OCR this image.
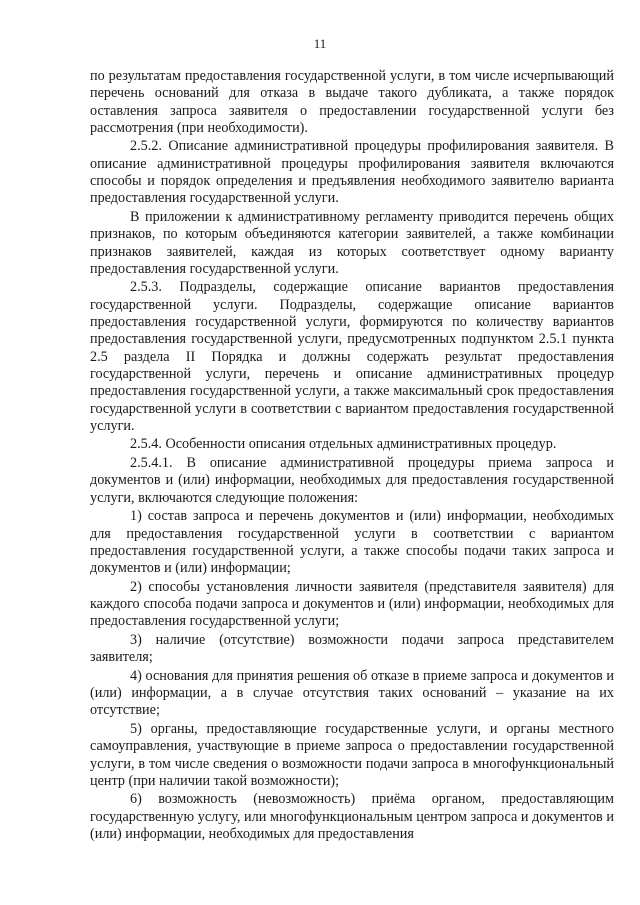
11

по результатам предоставления государственной услуги, в том числе исчерпывающий перечень оснований для отказа в выдаче такого дубликата, а также порядок оставления запроса заявителя о предоставлении государственной услуги без рассмотрения (при необходимости).

2.5.2. Описание административной процедуры профилирования заявителя. В описание административной процедуры профилирования заявителя включаются способы и порядок определения и предъявления необходимого заявителю варианта предоставления государственной услуги.

В приложении к административному регламенту приводится перечень общих признаков, по которым объединяются категории заявителей, а также комбинации признаков заявителей, каждая из которых соответствует одному варианту предоставления государственной услуги.

2.5.3. Подразделы, содержащие описание вариантов предоставления государственной услуги. Подразделы, содержащие описание вариантов предоставления государственной услуги, формируются по количеству вариантов предоставления государственной услуги, предусмотренных подпунктом 2.5.1 пункта 2.5 раздела II Порядка и должны содержать результат предоставления государственной услуги, перечень и описание административных процедур предоставления государственной услуги, а также максимальный срок предоставления государственной услуги в соответствии с вариантом предоставления государственной услуги.

2.5.4. Особенности описания отдельных административных процедур.

2.5.4.1. В описание административной процедуры приема запроса и документов и (или) информации, необходимых для предоставления государственной услуги, включаются следующие положения:

1) состав запроса и перечень документов и (или) информации, необходимых для предоставления государственной услуги в соответствии с вариантом предоставления государственной услуги, а также способы подачи таких запроса и документов и (или) информации;

2) способы установления личности заявителя (представителя заявителя) для каждого способа подачи запроса и документов и (или) информации, необходимых для предоставления государственной услуги;

3) наличие (отсутствие) возможности подачи запроса представителем заявителя;

4) основания для принятия решения об отказе в приеме запроса и документов и (или) информации, а в случае отсутствия таких оснований – указание на их отсутствие;

5) органы, предоставляющие государственные услуги, и органы местного самоуправления, участвующие в приеме запроса о предоставлении государственной услуги, в том числе сведения о возможности подачи запроса в многофункциональный центр (при наличии такой возможности);

6) возможность (невозможность) приёма органом, предоставляющим государственную услугу, или многофункциональным центром запроса и документов и (или) информации, необходимых для предоставления
